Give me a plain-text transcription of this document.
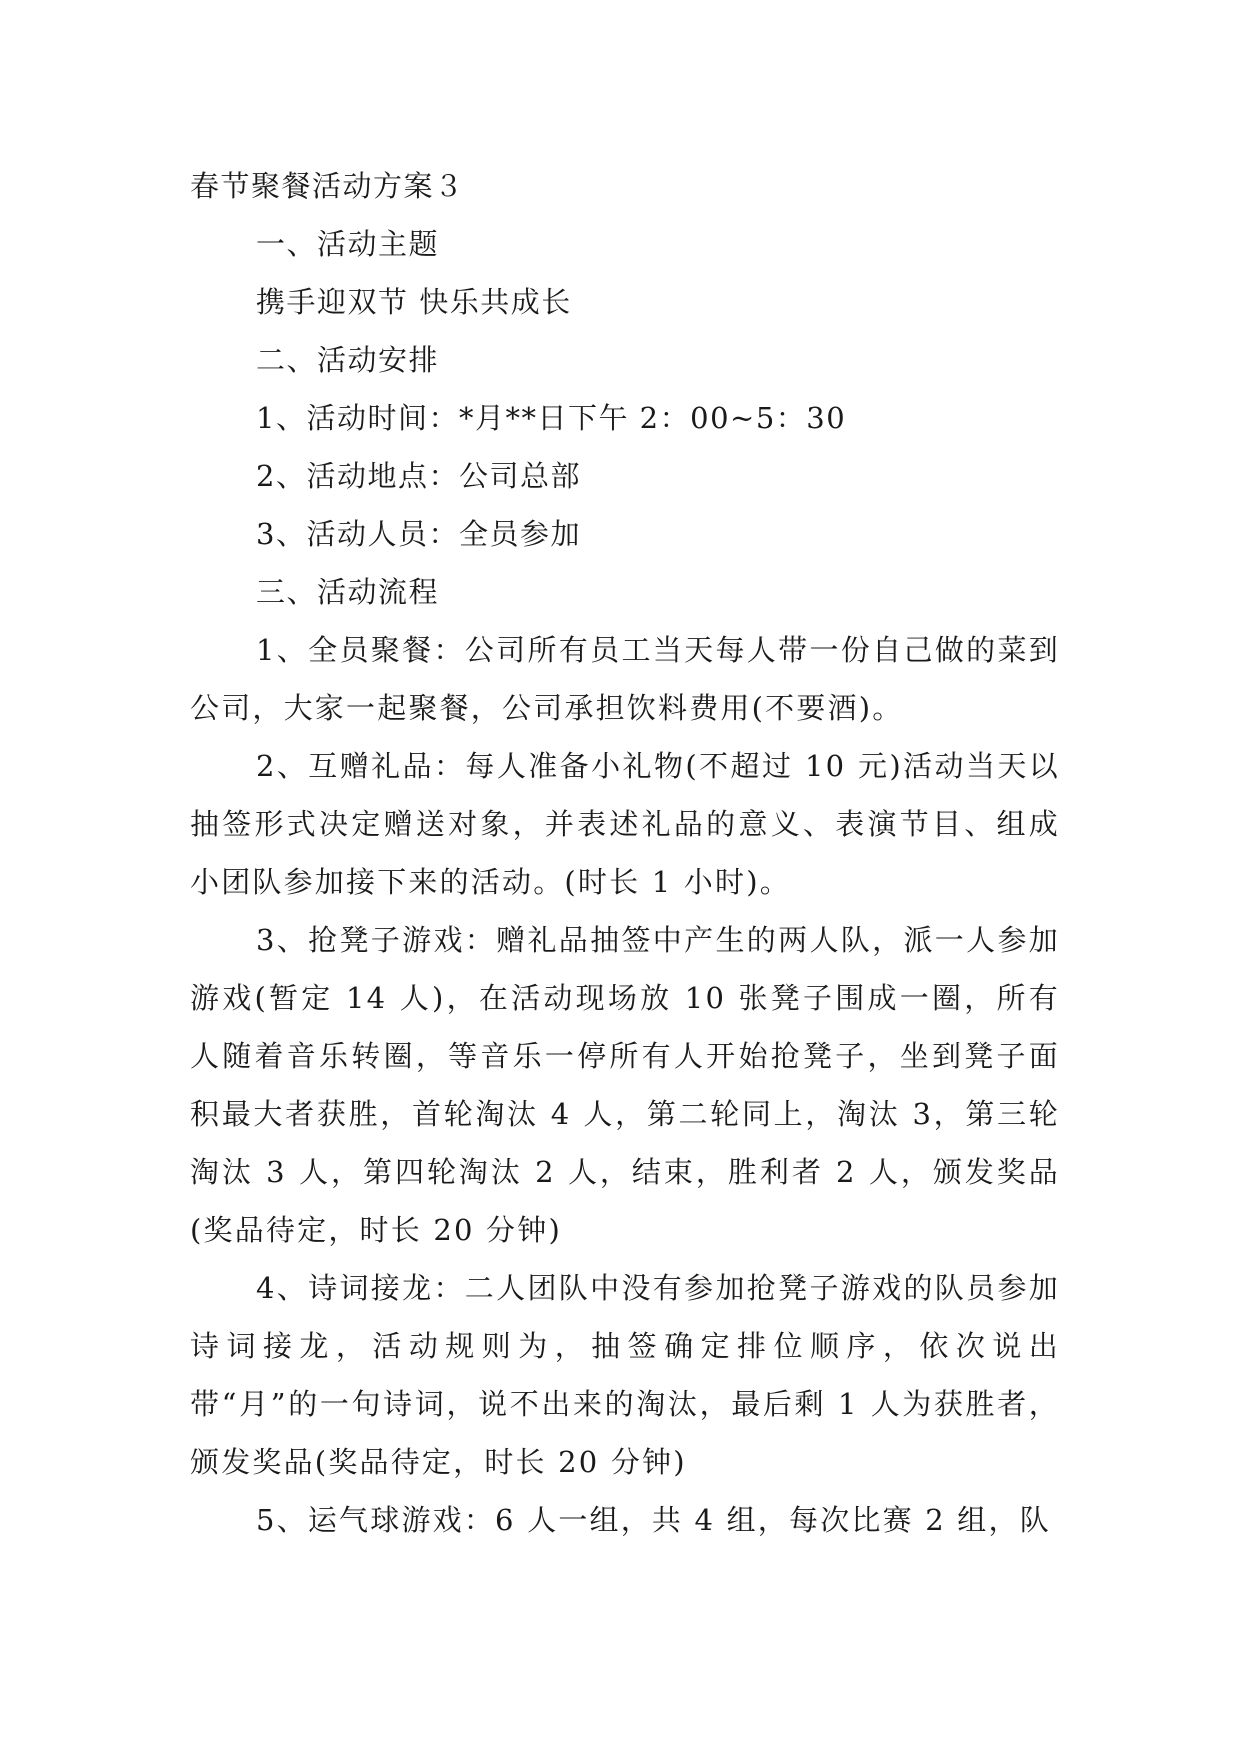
春节聚餐活动方案３
一、活动主题
携手迎双节 快乐共成长
二、活动安排
1、活动时间：*月**日下午 2：00~5：30
2、活动地点：公司总部
3、活动人员：全员参加
三、活动流程
1、全员聚餐：公司所有员工当天每人带一份自己做的菜到公司，大家一起聚餐，公司承担饮料费用(不要酒)。
2、互赠礼品：每人准备小礼物(不超过 10 元)活动当天以抽签形式决定赠送对象，并表述礼品的意义、表演节目、组成小团队参加接下来的活动。(时长 1 小时)。
3、抢凳子游戏：赠礼品抽签中产生的两人队，派一人参加游戏(暂定 14 人)，在活动现场放 10 张凳子围成一圈，所有人随着音乐转圈，等音乐一停所有人开始抢凳子，坐到凳子面积最大者获胜，首轮淘汰 4 人，第二轮同上，淘汰 3，第三轮淘汰 3 人，第四轮淘汰 2 人，结束，胜利者 2 人，颁发奖品(奖品待定，时长 20 分钟)
4、诗词接龙：二人团队中没有参加抢凳子游戏的队员参加诗词接龙，活动规则为，抽签确定排位顺序，依次说出带“月”的一句诗词，说不出来的淘汰，最后剩 1 人为获胜者，颁发奖品(奖品待定，时长 20 分钟)
5、运气球游戏：6 人一组，共 4 组，每次比赛 2 组，队
